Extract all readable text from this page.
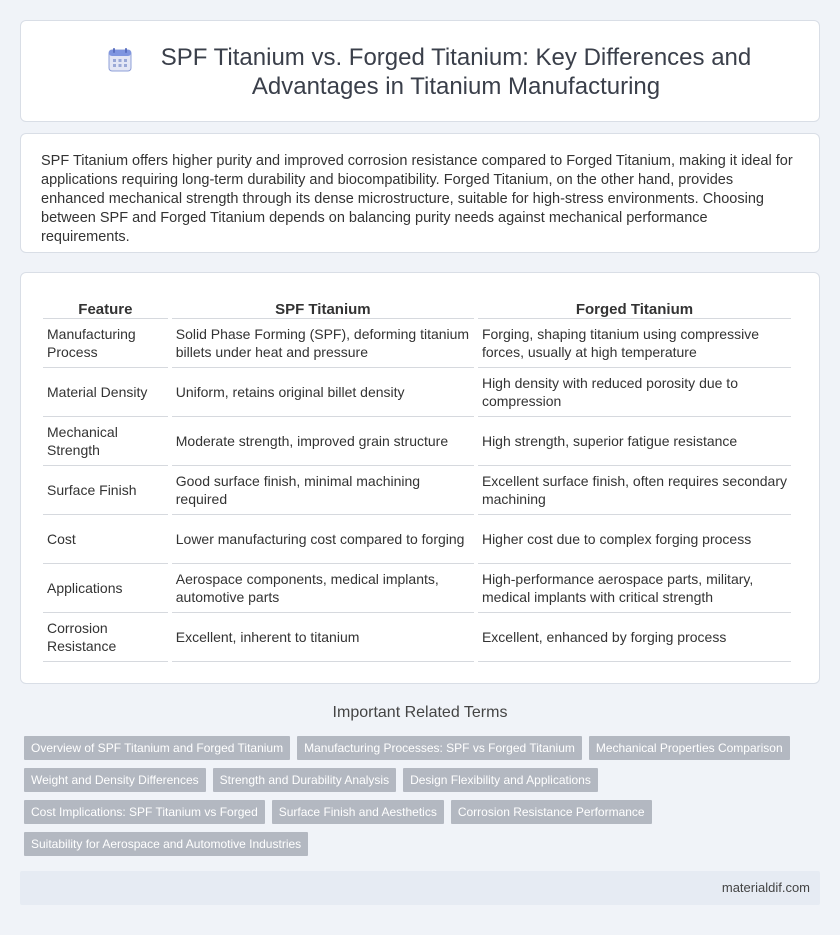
SPF Titanium vs. Forged Titanium: Key Differences and
Advantages in Titanium Manufacturing

SPF Titanium offers higher purity and improved corrosion resistance compared to Forged Titanium, making it ideal for applications requiring long-term durability and biocompatibility. Forged Titanium, on the other hand, provides enhanced mechanical strength through its dense microstructure, suitable for high-stress environments. Choosing between SPF and Forged Titanium depends on balancing purity needs against mechanical performance requirements.

Feature	SPF Titanium	Forged Titanium
Manufacturing Process	Solid Phase Forming (SPF), deforming titanium billets under heat and pressure	Forging, shaping titanium using compressive forces, usually at high temperature
Material Density	Uniform, retains original billet density	High density with reduced porosity due to compression
Mechanical Strength	Moderate strength, improved grain structure	High strength, superior fatigue resistance
Surface Finish	Good surface finish, minimal machining required	Excellent surface finish, often requires secondary machining
Cost	Lower manufacturing cost compared to forging	Higher cost due to complex forging process
Applications	Aerospace components, medical implants, automotive parts	High-performance aerospace parts, military, medical implants with critical strength
Corrosion Resistance	Excellent, inherent to titanium	Excellent, enhanced by forging process
Important Related Terms
Overview of SPF Titanium and Forged Titanium	Manufacturing Processes: SPF vs Forged Titanium	Mechanical Properties Comparison
Weight and Density Differences	Strength and Durability Analysis	Design Flexibility and Applications
Cost Implications: SPF Titanium vs Forged	Surface Finish and Aesthetics	Corrosion Resistance Performance
Suitability for Aerospace and Automotive Industries
materialdif.com
